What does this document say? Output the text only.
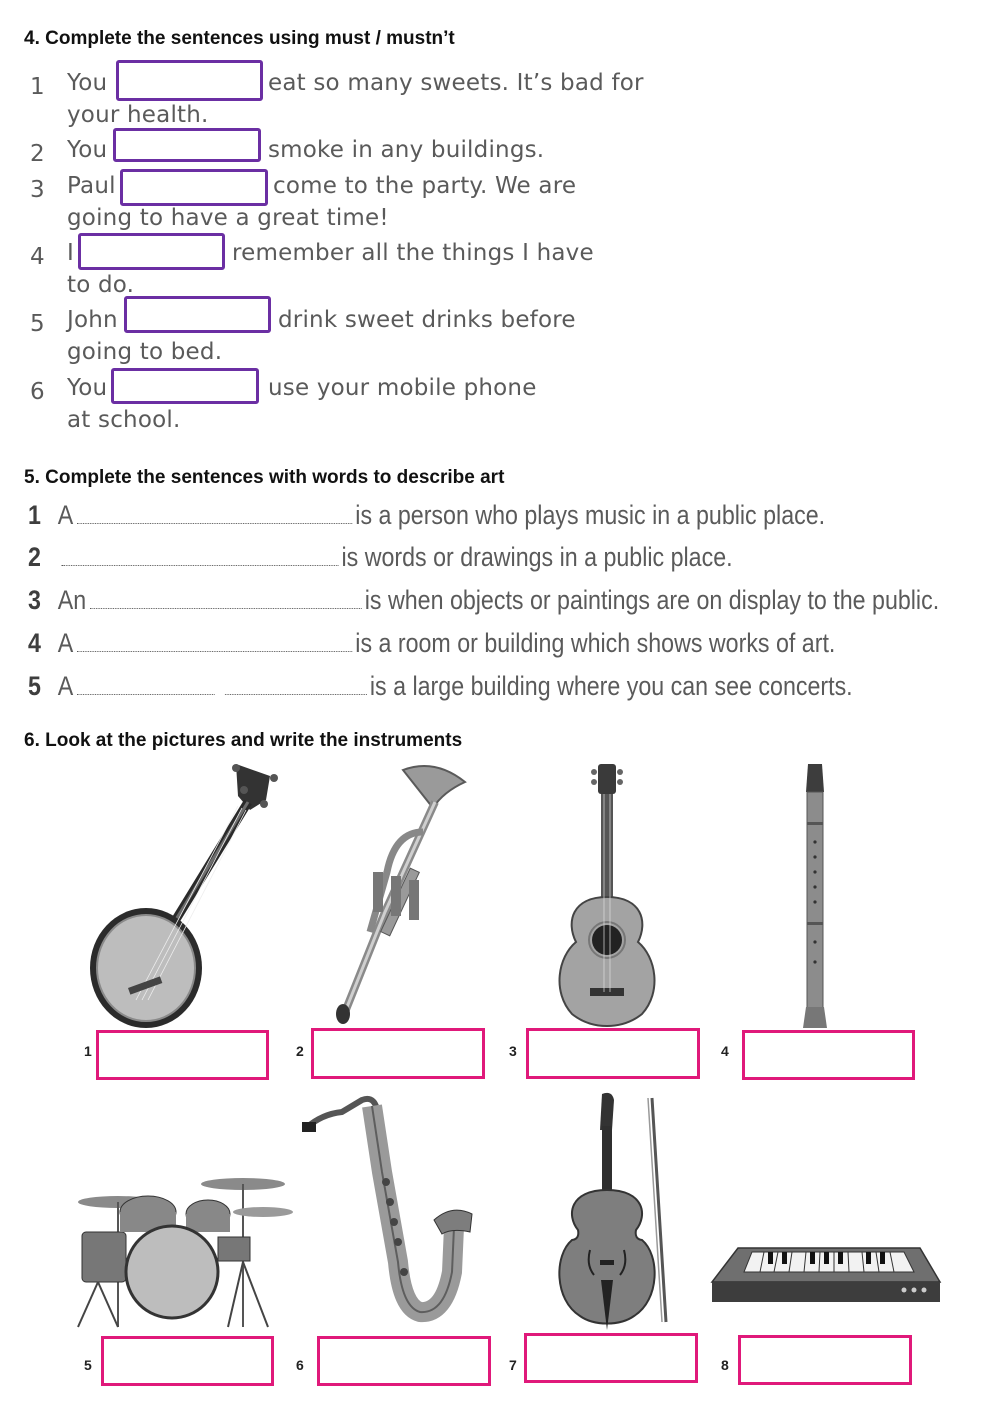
4. Complete the sentences using must / mustn’t
1 You	eat so many sweets. It’s bad for
your health.
2 You	smoke in any buildings.
3 Paul	come to the party. We are
going to have a great time!
4 I	remember all the things I have
to do.
5 John	drink sweet drinks before
going to bed.
6 You	use your mobile phone
at school.
5. Complete the sentences with words to describe art
1 A	is a person who plays music in a public place.
2	is words or drawings in a public place.
3 An	is when objects or paintings are on display to the public.
4 A	is a room or building which shows works of art.
5 A	is a large building where you can see concerts.
6. Look at the pictures and write the instruments
1	2	3	4
5	6	7	8
